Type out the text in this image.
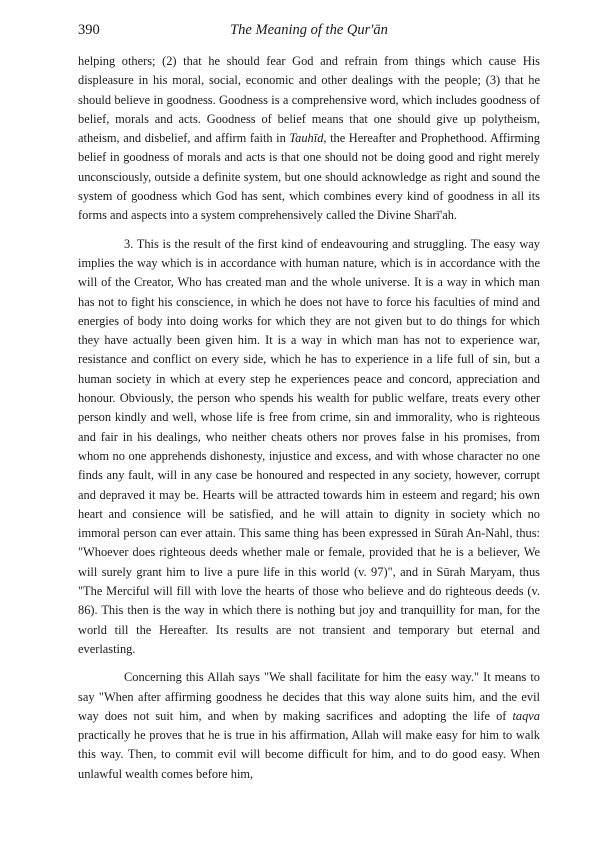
390	The Meaning of the Qur'ān

helping others; (2) that he should fear God and refrain from things which cause His displeasure in his moral, social, economic and other dealings with the people; (3) that he should believe in goodness. Goodness is a comprehensive word, which includes goodness of belief, morals and acts. Goodness of belief means that one should give up polytheism, atheism, and disbelief, and affirm faith in Tauhīd, the Hereafter and Prophethood. Affirming belief in goodness of morals and acts is that one should not be doing good and right merely unconsciously, outside a definite system, but one should acknowledge as right and sound the system of goodness which God has sent, which combines every kind of goodness in all its forms and aspects into a system comprehensively called the Divine Sharī'ah.

3. This is the result of the first kind of endeavouring and struggling. The easy way implies the way which is in accordance with human nature, which is in accordance with the will of the Creator, Who has created man and the whole universe. It is a way in which man has not to fight his conscience, in which he does not have to force his faculties of mind and energies of body into doing works for which they are not given but to do things for which they have actually been given him. It is a way in which man has not to experience war, resistance and conflict on every side, which he has to experience in a life full of sin, but a human society in which at every step he experiences peace and concord, appreciation and honour. Obviously, the person who spends his wealth for public welfare, treats every other person kindly and well, whose life is free from crime, sin and immorality, who is righteous and fair in his dealings, who neither cheats others nor proves false in his promises, from whom no one apprehends dishonesty, injustice and excess, and with whose character no one finds any fault, will in any case be honoured and respected in any society, however, corrupt and depraved it may be. Hearts will be attracted towards him in esteem and regard; his own heart and consience will be satisfied, and he will attain to dignity in society which no immoral person can ever attain. This same thing has been expressed in Sūrah An-Nahl, thus: "Whoever does righteous deeds whether male or female, provided that he is a believer, We will surely grant him to live a pure life in this world (v. 97)", and in Sūrah Maryam, thus "The Merciful will fill with love the hearts of those who believe and do righteous deeds (v. 86). This then is the way in which there is nothing but joy and tranquillity for man, for the world till the Hereafter. Its results are not transient and temporary but eternal and everlasting.

Concerning this Allah says "We shall facilitate for him the easy way." It means to say "When after affirming goodness he decides that this way alone suits him, and the evil way does not suit him, and when by making sacrifices and adopting the life of taqva practically he proves that he is true in his affirmation, Allah will make easy for him to walk this way. Then, to commit evil will become difficult for him, and to do good easy. When unlawful wealth comes before him,
